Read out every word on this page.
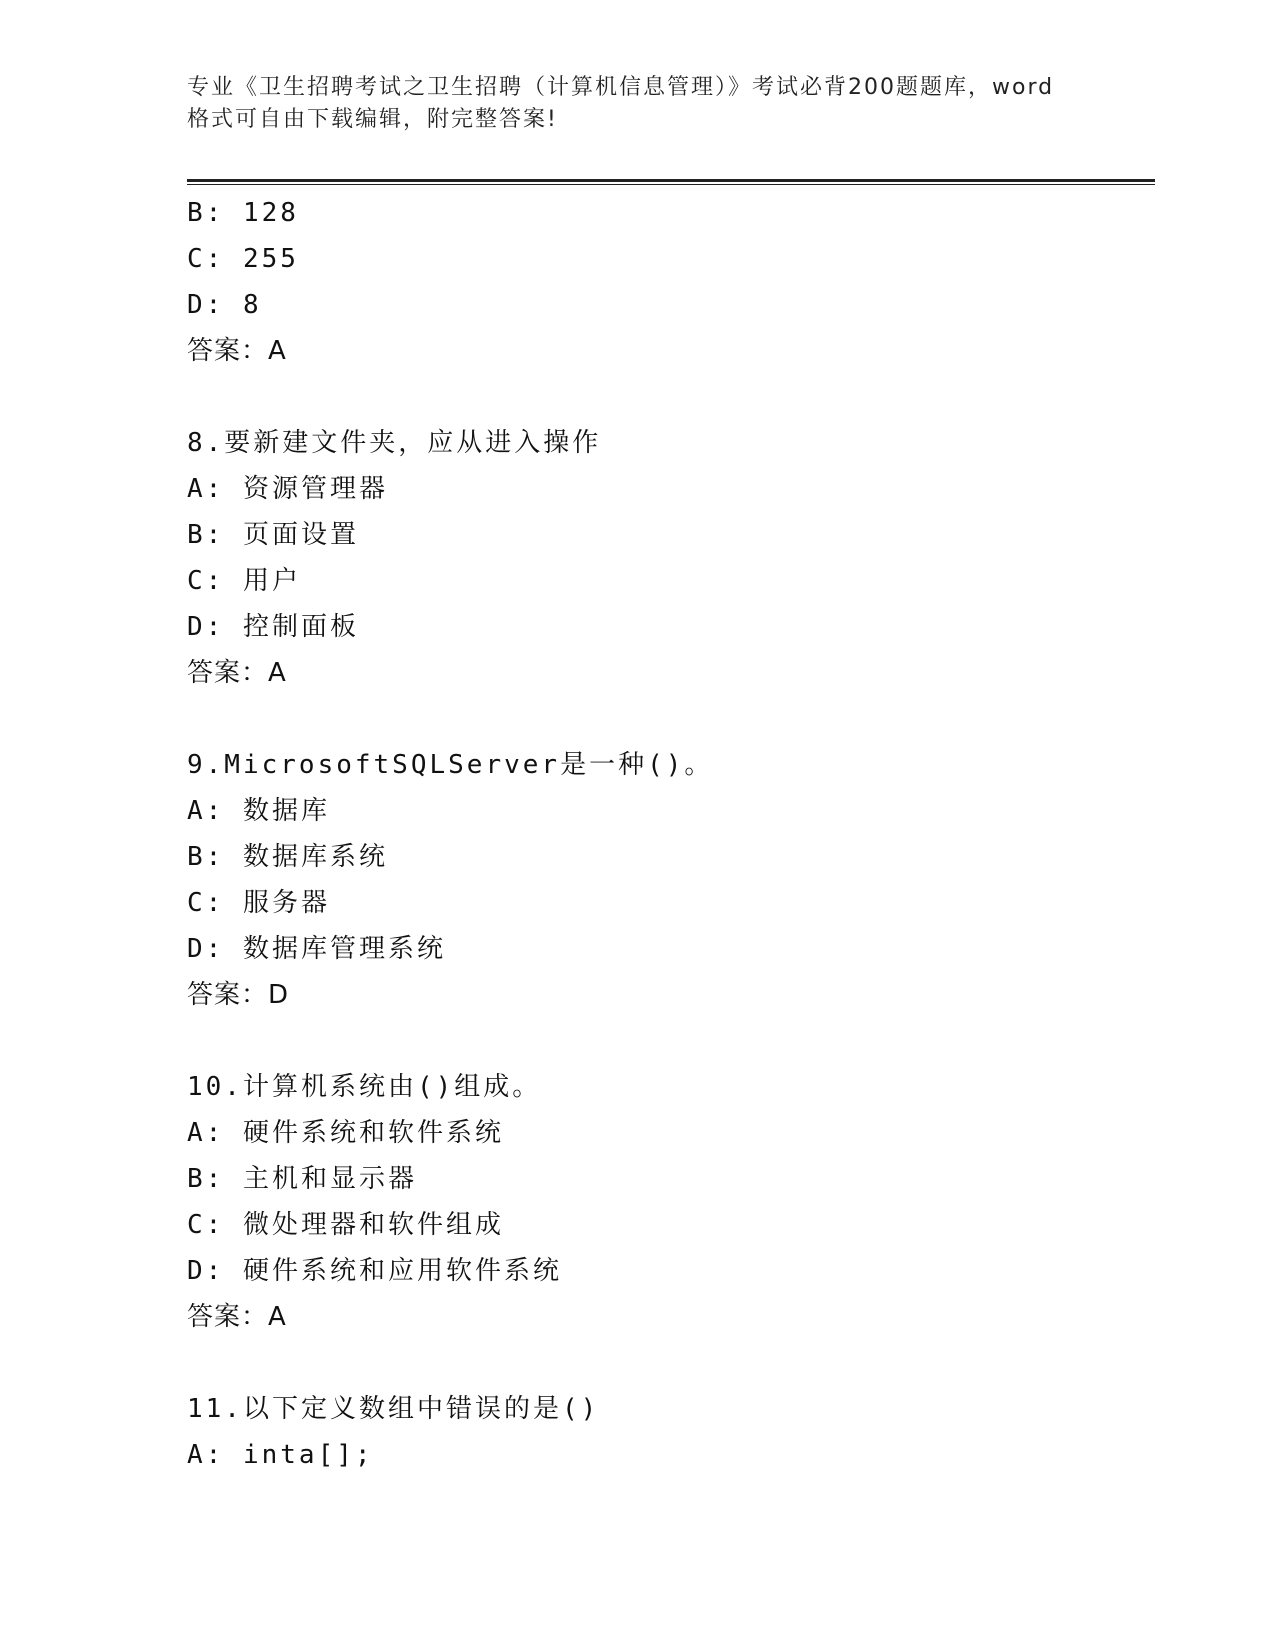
专业《卫生招聘考试之卫生招聘（计算机信息管理）》考试必背200题题库，word
格式可自由下载编辑，附完整答案!
B: 128
C: 255
D: 8
答案：A
8.要新建文件夹，应从进入操作
A: 资源管理器
B: 页面设置
C: 用户
D: 控制面板
答案：A
9.MicrosoftSQLServer是一种()。
A: 数据库
B: 数据库系统
C: 服务器
D: 数据库管理系统
答案：D
10.计算机系统由()组成。
A: 硬件系统和软件系统
B: 主机和显示器
C: 微处理器和软件组成
D: 硬件系统和应用软件系统
答案：A
11.以下定义数组中错误的是()
A: inta[];
